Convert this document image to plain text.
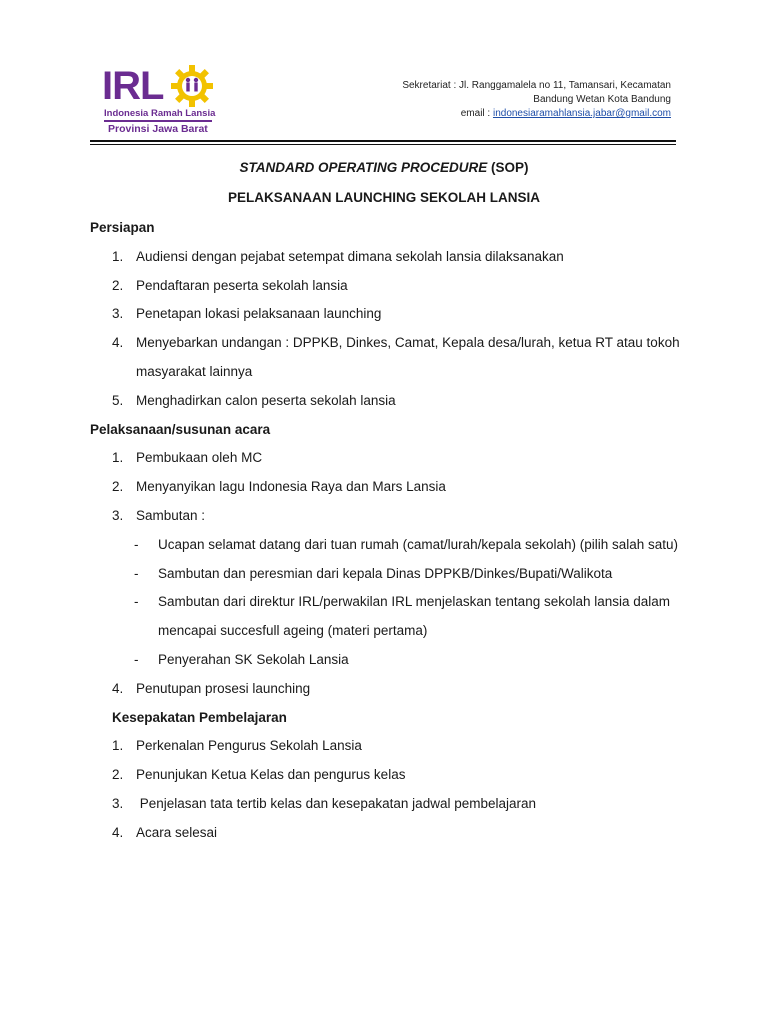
IRL
Indonesia Ramah Lansia
Provinsi Jawa Barat
Sekretariat : Jl. Ranggamalela no 11, Tamansari, Kecamatan
Bandung Wetan Kota Bandung
email : indonesiaramahlansia.jabar@gmail.com
STANDARD OPERATING PROCEDURE (SOP)
PELAKSANAAN LAUNCHING SEKOLAH LANSIA
Persiapan
1. Audiensi dengan pejabat setempat dimana sekolah lansia dilaksanakan
2. Pendaftaran peserta sekolah lansia
3. Penetapan lokasi pelaksanaan launching
4. Menyebarkan undangan : DPPKB, Dinkes, Camat, Kepala desa/lurah, ketua RT atau tokoh
masyarakat lainnya
5. Menghadirkan calon peserta sekolah lansia
Pelaksanaan/susunan acara
1. Pembukaan oleh MC
2. Menyanyikan lagu Indonesia Raya dan Mars Lansia
3. Sambutan :
- Ucapan selamat datang dari tuan rumah (camat/lurah/kepala sekolah) (pilih salah satu)
- Sambutan dan peresmian dari kepala Dinas DPPKB/Dinkes/Bupati/Walikota
- Sambutan dari direktur IRL/perwakilan IRL menjelaskan tentang sekolah lansia dalam
mencapai succesfull ageing (materi pertama)
- Penyerahan SK Sekolah Lansia
4. Penutupan prosesi launching
Kesepakatan Pembelajaran
1. Perkenalan Pengurus Sekolah Lansia
2. Penunjukan Ketua Kelas dan pengurus kelas
3. Penjelasan tata tertib kelas dan kesepakatan jadwal pembelajaran
4. Acara selesai
